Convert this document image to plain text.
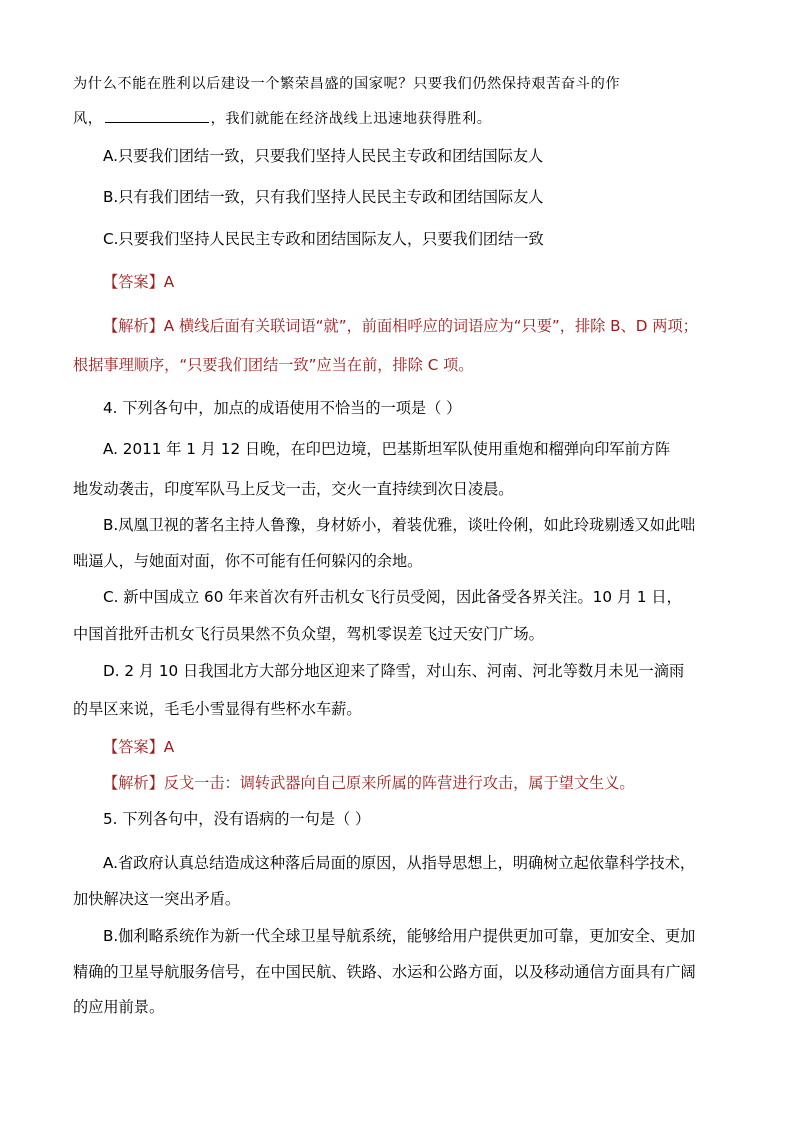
为什么不能在胜利以后建设一个繁荣昌盛的国家呢？只要我们仍然保持艰苦奋斗的作
风，	，我们就能在经济战线上迅速地获得胜利。
A.只要我们团结一致，只要我们坚持人民民主专政和团结国际友人
B.只有我们团结一致，只有我们坚持人民民主专政和团结国际友人
C.只要我们坚持人民民主专政和团结国际友人，只要我们团结一致
【答案】A
【解析】A 横线后面有关联词语“就”，前面相呼应的词语应为“只要”，排除 B、D 两项；
根据事理顺序，“只要我们团结一致”应当在前，排除 C 项。
4. 下列各句中，加点的成语使用不恰当的一项是（ ）
A. 2011 年 1 月 12 日晚，在印巴边境，巴基斯坦军队使用重炮和榴弹向印军前方阵
地发动袭击，印度军队马上反戈一击，交火一直持续到次日凌晨。
B.凤凰卫视的著名主持人鲁豫，身材娇小，着装优雅，谈吐伶俐，如此玲珑剔透又如此咄
咄逼人，与她面对面，你不可能有任何躲闪的余地。
C. 新中国成立 60 年来首次有歼击机女飞行员受阅，因此备受各界关注。10 月 1 日，
中国首批歼击机女飞行员果然不负众望，驾机零误差飞过天安门广场。
D. 2 月 10 日我国北方大部分地区迎来了降雪，对山东、河南、河北等数月未见一滴雨
的旱区来说，毛毛小雪显得有些杯水车薪。
【答案】A
【解析】反戈一击：调转武器向自己原来所属的阵营进行攻击，属于望文生义。
5. 下列各句中，没有语病的一句是（ ）
A.省政府认真总结造成这种落后局面的原因，从指导思想上，明确树立起依靠科学技术，
加快解决这一突出矛盾。
B.伽利略系统作为新一代全球卫星导航系统，能够给用户提供更加可靠，更加安全、更加
精确的卫星导航服务信号，在中国民航、铁路、水运和公路方面，以及移动通信方面具有广阔
的应用前景。
